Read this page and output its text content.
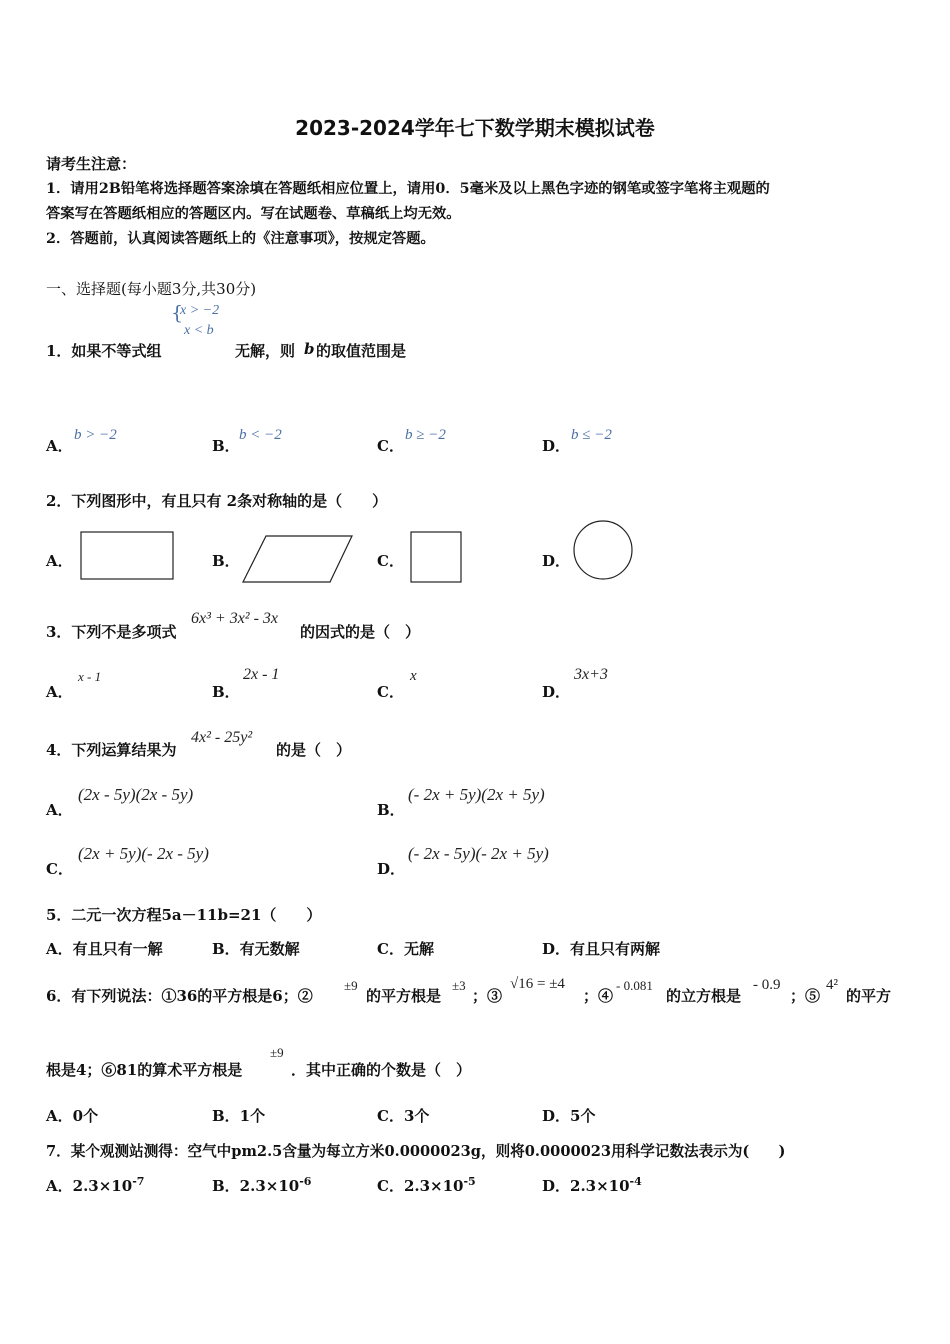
2023-2024学年七下数学期末模拟试卷
请考生注意：
1．请用2B铅笔将选择题答案涂填在答题纸相应位置上，请用0．5毫米及以上黑色字迹的钢笔或签字笔将主观题的
答案写在答题纸相应的答题区内。写在试题卷、草稿纸上均无效。
2．答题前，认真阅读答题纸上的《注意事项》，按规定答题。
一、选择题(每小题3分,共30分)
1．如果不等式组
{
x > −2
x < b
无解，则 b 的取值范围是
A．
b > −2
B．
b < −2
C．
b ≥ −2
D．
b ≤ −2
2．下列图形中，有且只有 2条对称轴的是（　　）
A．	B．	C．	D．
3．下列不是多项式
6x³ + 3x² - 3x
的因式的是（　）
A．
x - 1
B．
2x - 1
C．
x
D．
3x+3
4．下列运算结果为
4x² - 25y²
的是（　）
A．
(2x - 5y)(2x - 5y)
B．
(- 2x + 5y)(2x + 5y)
C．
(2x + 5y)(- 2x - 5y)
D．
(- 2x - 5y)(- 2x + 5y)
5．二元一次方程5a－11b=21（　　）
A．有且只有一解	B．有无数解	C．无解	D．有且只有两解
6．有下列说法：①36的平方根是6；②
±9
的平方根是
±3
；③
√16 = ±4
；④
- 0.081
的立方根是
- 0.9
；⑤
4²
的平方
根是4；⑥81的算术平方根是
±9
．其中正确的个数是（　）
A．0个	B．1个	C．3个	D．5个
7．某个观测站测得：空气中pm2.5含量为每立方米0.0000023g，则将0.0000023用科学记数法表示为(　　)
A．$2.3\times 10^{-7}$	B．$2.3\times 10^{-6}$	C．$2.3\times 10^{-5}$	D．$2.3\times 10^{-4}$
